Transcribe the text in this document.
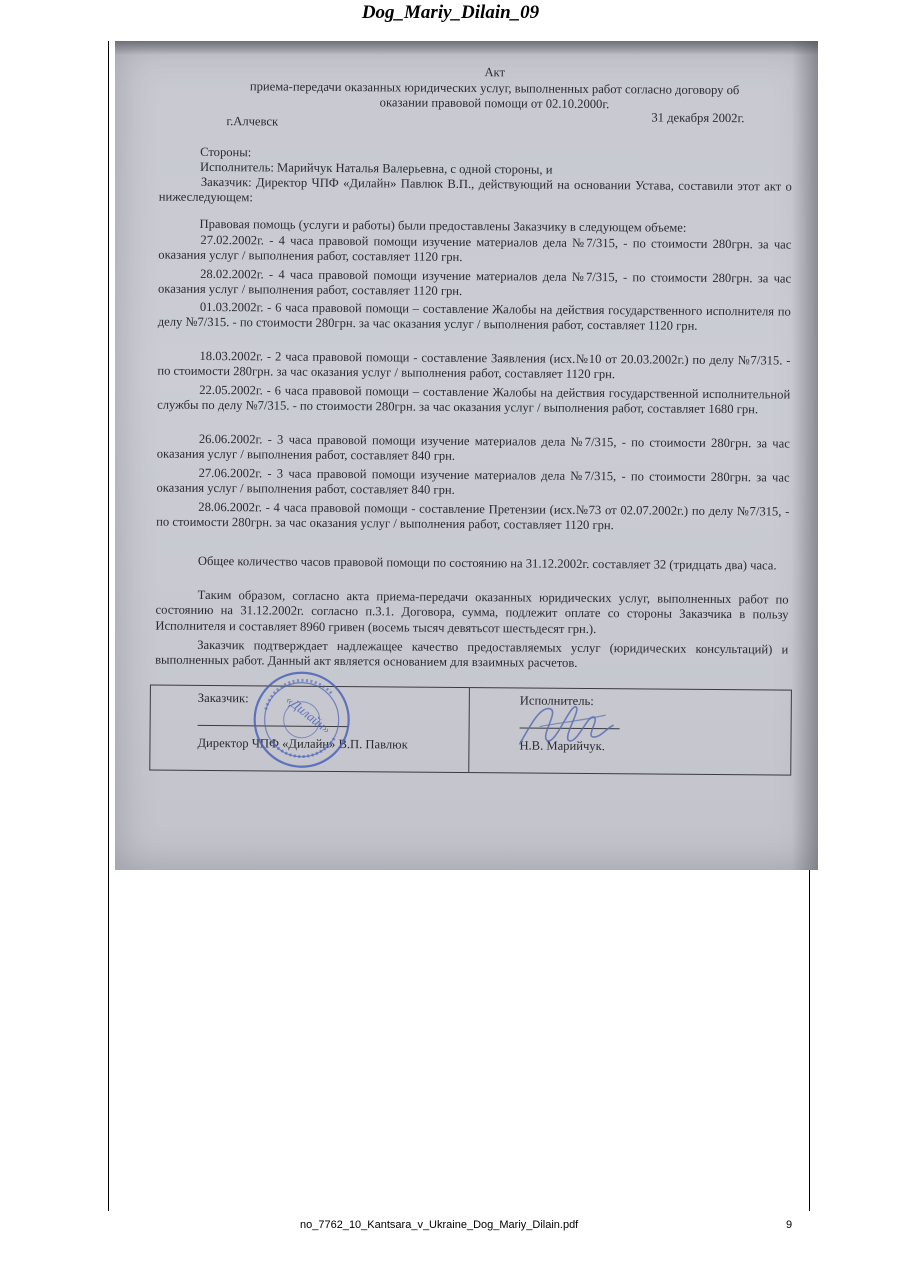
Dog_Mariy_Dilain_09
Акт
приема-передачи оказанных юридических услуг, выполненных работ согласно договору об
оказании правовой помощи от 02.10.2000г.
г.Алчевск	31 декабря 2002г.
Стороны:
Исполнитель: Марийчук Наталья Валерьевна, с одной стороны, и
Заказчик: Директор ЧПФ «Дилайн» Павлюк В.П., действующий на основании Устава, составили этот акт о нижеследующем:
Правовая помощь (услуги и работы) были предоставлены Заказчику в следующем объеме:
27.02.2002г. - 4 часа правовой помощи изучение материалов дела №7/315, - по стоимости 280грн. за час оказания услуг / выполнения работ, составляет 1120 грн.
28.02.2002г. - 4 часа правовой помощи изучение материалов дела №7/315, - по стоимости 280грн. за час оказания услуг / выполнения работ, составляет 1120 грн.
01.03.2002г. - 6 часа правовой помощи – составление Жалобы на действия государственного исполнителя по делу №7/315. - по стоимости 280грн. за час оказания услуг / выполнения работ, составляет 1120 грн.
18.03.2002г. - 2 часа правовой помощи - составление Заявления (исх.№10 от 20.03.2002г.) по делу №7/315. - по стоимости 280грн. за час оказания услуг / выполнения работ, составляет 1120 грн.
22.05.2002г. - 6 часа правовой помощи – составление Жалобы на действия государственной исполнительной службы по делу №7/315. - по стоимости 280грн. за час оказания услуг / выполнения работ, составляет 1680 грн.
26.06.2002г. - 3 часа правовой помощи изучение материалов дела №7/315, - по стоимости 280грн. за час оказания услуг / выполнения работ, составляет 840 грн.
27.06.2002г. - 3 часа правовой помощи изучение материалов дела №7/315, - по стоимости 280грн. за час оказания услуг / выполнения работ, составляет 840 грн.
28.06.2002г. - 4 часа правовой помощи - составление Претензии (исх.№73 от 02.07.2002г.) по делу №7/315, - по стоимости 280грн. за час оказания услуг / выполнения работ, составляет 1120 грн.
Общее количество часов правовой помощи по состоянию на 31.12.2002г. составляет 32 (тридцать два) часа.
Таким образом, согласно акта приема-передачи оказанных юридических услуг, выполненных работ по состоянию на 31.12.2002г. согласно п.3.1. Договора, сумма, подлежит оплате со стороны Заказчика в пользу Исполнителя и составляет 8960 гривен (восемь тысяч девятьсот шестьдесят грн.).
Заказчик подтверждает надлежащее качество предоставляемых услуг (юридических консультаций) и выполненных работ. Данный акт является основанием для взаимных расчетов.
Заказчик:
Директор ЧПФ «Дилайн» В.П. Павлюк
Исполнитель:
Н.В. Марийчук.
«Дилайн»
no_7762_10_Kantsara_v_Ukraine_Dog_Mariy_Dilain.pdf	9
